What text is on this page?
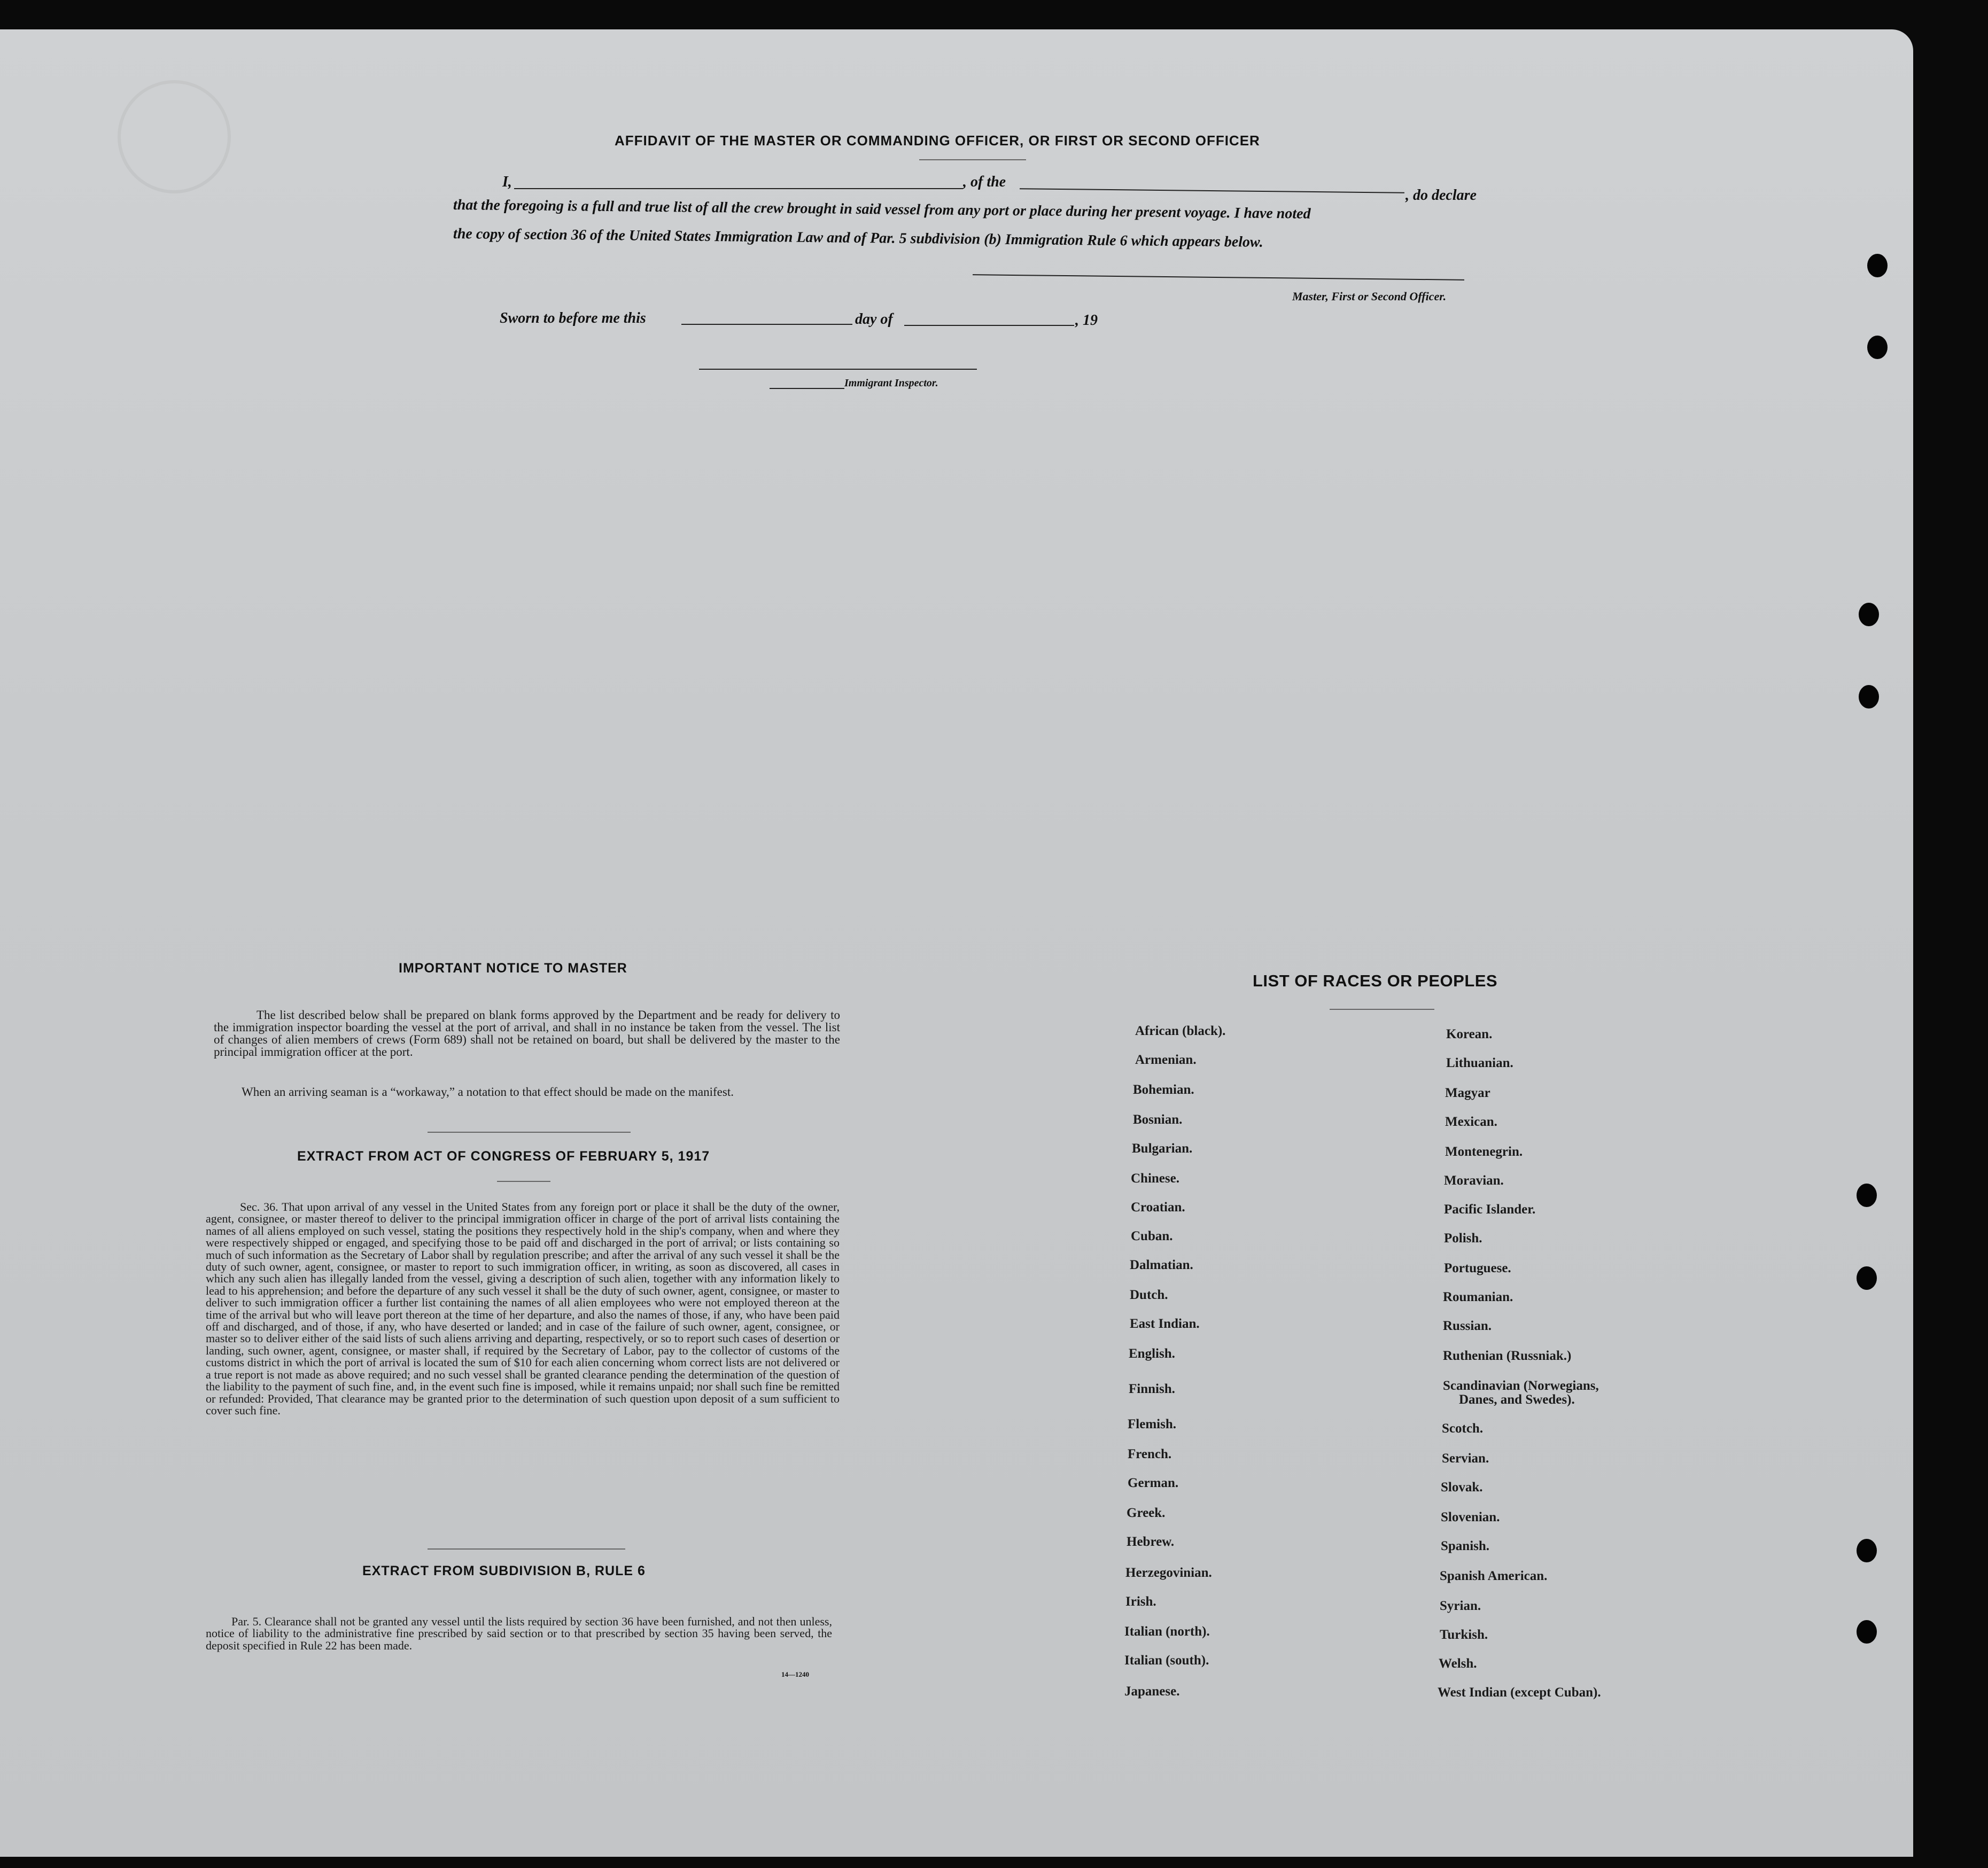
AFFIDAVIT OF THE MASTER OR COMMANDING OFFICER, OR FIRST OR SECOND OFFICER
I,	, of the
, do declare
that the foregoing is a full and true list of all the crew brought in said vessel from any port or place during her present voyage. I have noted
the copy of section 36 of the United States Immigration Law and of Par. 5 subdivision (b) Immigration Rule 6 which appears below.
Master, First or Second Officer.
Sworn to before me this	day of	, 19
Immigrant Inspector.
IMPORTANT NOTICE TO MASTER
The list described below shall be prepared on blank forms approved by the Department and be ready for delivery to the immigration inspector boarding the vessel at the port of arrival, and shall in no instance be taken from the vessel. The list of changes of alien members of crews (Form 689) shall not be retained on board, but shall be delivered by the master to the principal immigration officer at the port.
When an arriving seaman is a “workaway,” a notation to that effect should be made on the manifest.
EXTRACT FROM ACT OF CONGRESS OF FEBRUARY 5, 1917
Sec. 36. That upon arrival of any vessel in the United States from any foreign port or place it shall be the duty of the owner, agent, consignee, or master thereof to deliver to the principal immigration officer in charge of the port of arrival lists containing the names of all aliens employed on such vessel, stating the positions they respectively hold in the ship's company, when and where they were respectively shipped or engaged, and specifying those to be paid off and discharged in the port of arrival; or lists containing so much of such information as the Secretary of Labor shall by regulation prescribe; and after the arrival of any such vessel it shall be the duty of such owner, agent, consignee, or master to report to such immigration officer, in writing, as soon as discovered, all cases in which any such alien has illegally landed from the vessel, giving a description of such alien, together with any information likely to lead to his apprehension; and before the departure of any such vessel it shall be the duty of such owner, agent, consignee, or master to deliver to such immigration officer a further list containing the names of all alien employees who were not employed thereon at the time of the arrival but who will leave port thereon at the time of her departure, and also the names of those, if any, who have been paid off and discharged, and of those, if any, who have deserted or landed; and in case of the failure of such owner, agent, consignee, or master so to deliver either of the said lists of such aliens arriving and departing, respectively, or so to report such cases of desertion or landing, such owner, agent, consignee, or master shall, if required by the Secretary of Labor, pay to the collector of customs of the customs district in which the port of arrival is located the sum of $10 for each alien concerning whom correct lists are not delivered or a true report is not made as above required; and no such vessel shall be granted clearance pending the determination of the question of the liability to the payment of such fine, and, in the event such fine is imposed, while it remains unpaid; nor shall such fine be remitted or refunded: Provided, That clearance may be granted prior to the determination of such question upon deposit of a sum sufficient to cover such fine.
EXTRACT FROM SUBDIVISION B, RULE 6
Par. 5. Clearance shall not be granted any vessel until the lists required by section 36 have been furnished, and not then unless, notice of liability to the administrative fine prescribed by said section or to that prescribed by section 35 having been served, the deposit specified in Rule 22 has been made.
14—1240
LIST OF RACES OR PEOPLES
African (black).
Armenian.
Bohemian.
Bosnian.
Bulgarian.
Chinese.
Croatian.
Cuban.
Dalmatian.
Dutch.
East Indian.
English.
Finnish.
Flemish.
French.
German.
Greek.
Hebrew.
Herzegovinian.
Irish.
Italian (north).
Italian (south).
Japanese.
Korean.
Lithuanian.
Magyar
Mexican.
Montenegrin.
Moravian.
Pacific Islander.
Polish.
Portuguese.
Roumanian.
Russian.
Ruthenian (Russniak.)
Scandinavian (Norwegians,
Danes, and Swedes).
Scotch.
Servian.
Slovak.
Slovenian.
Spanish.
Spanish American.
Syrian.
Turkish.
Welsh.
West Indian (except Cuban).
